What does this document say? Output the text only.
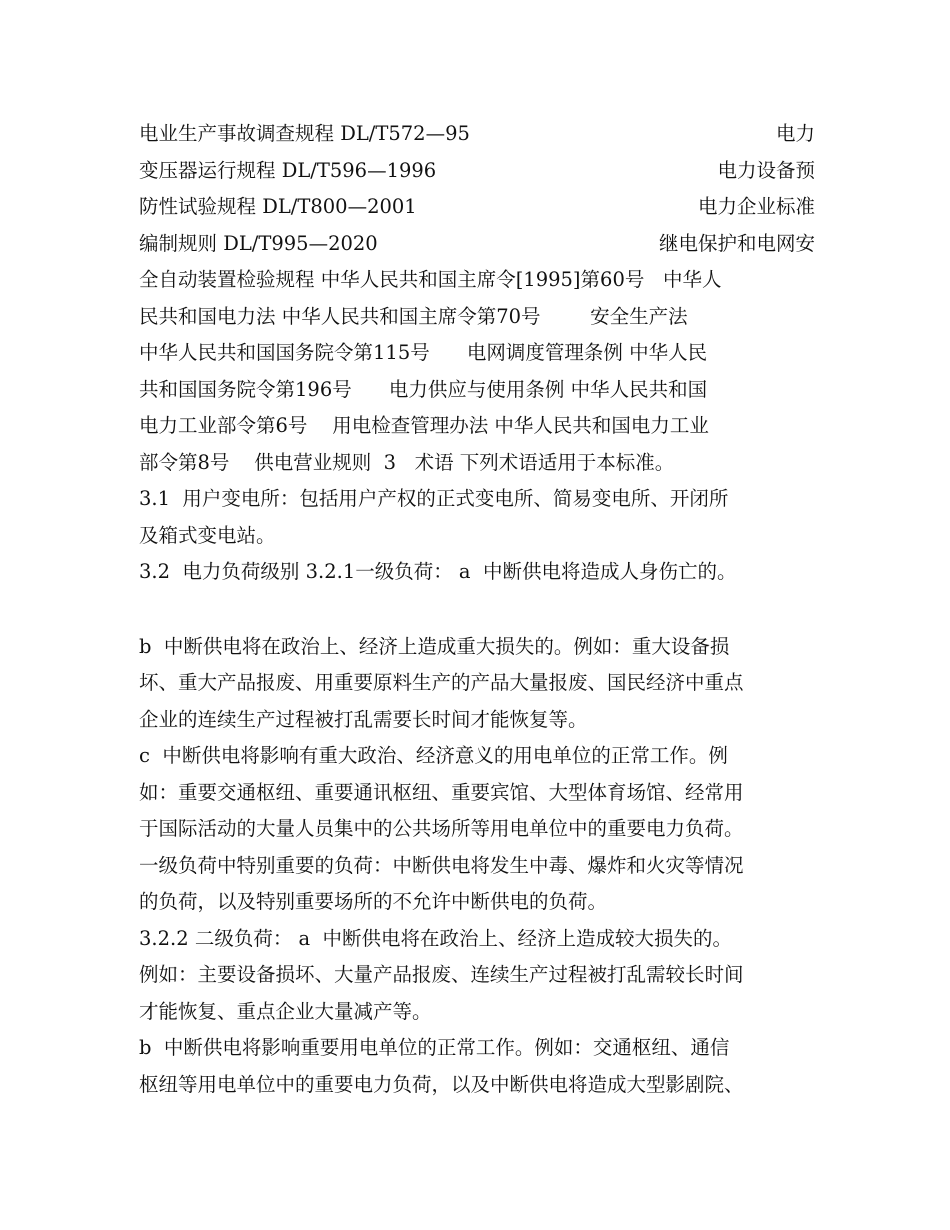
电业生产事故调查规程 DL/T572—95	电力
变压器运行规程 DL/T596—1996	电力设备预
防性试验规程 DL/T800—2001	电力企业标准
编制规则 DL/T995—2020	继电保护和电网安
全自动装置检验规程 中华人民共和国主席令[1995]第60号   中华人
民共和国电力法 中华人民共和国主席令第70号        安全生产法
中华人民共和国国务院令第115号      电网调度管理条例 中华人民
共和国国务院令第196号      电力供应与使用条例 中华人民共和国
电力工业部令第6号    用电检查管理办法 中华人民共和国电力工业
部令第8号    供电营业规则  3   术语 下列术语适用于本标准。
3.1  用户变电所：包括用户产权的正式变电所、简易变电所、开闭所
及箱式变电站。
3.2  电力负荷级别 3.2.1一级负荷： a  中断供电将造成人身伤亡的。
b  中断供电将在政治上、经济上造成重大损失的。例如：重大设备损
坏、重大产品报废、用重要原料生产的产品大量报废、国民经济中重点
企业的连续生产过程被打乱需要长时间才能恢复等。
c  中断供电将影响有重大政治、经济意义的用电单位的正常工作。例
如：重要交通枢纽、重要通讯枢纽、重要宾馆、大型体育场馆、经常用
于国际活动的大量人员集中的公共场所等用电单位中的重要电力负荷。
一级负荷中特别重要的负荷：中断供电将发生中毒、爆炸和火灾等情况
的负荷，以及特别重要场所的不允许中断供电的负荷。
3.2.2 二级负荷： a  中断供电将在政治上、经济上造成较大损失的。
例如：主要设备损坏、大量产品报废、连续生产过程被打乱需较长时间
才能恢复、重点企业大量减产等。
b  中断供电将影响重要用电单位的正常工作。例如：交通枢纽、通信
枢纽等用电单位中的重要电力负荷，以及中断供电将造成大型影剧院、
